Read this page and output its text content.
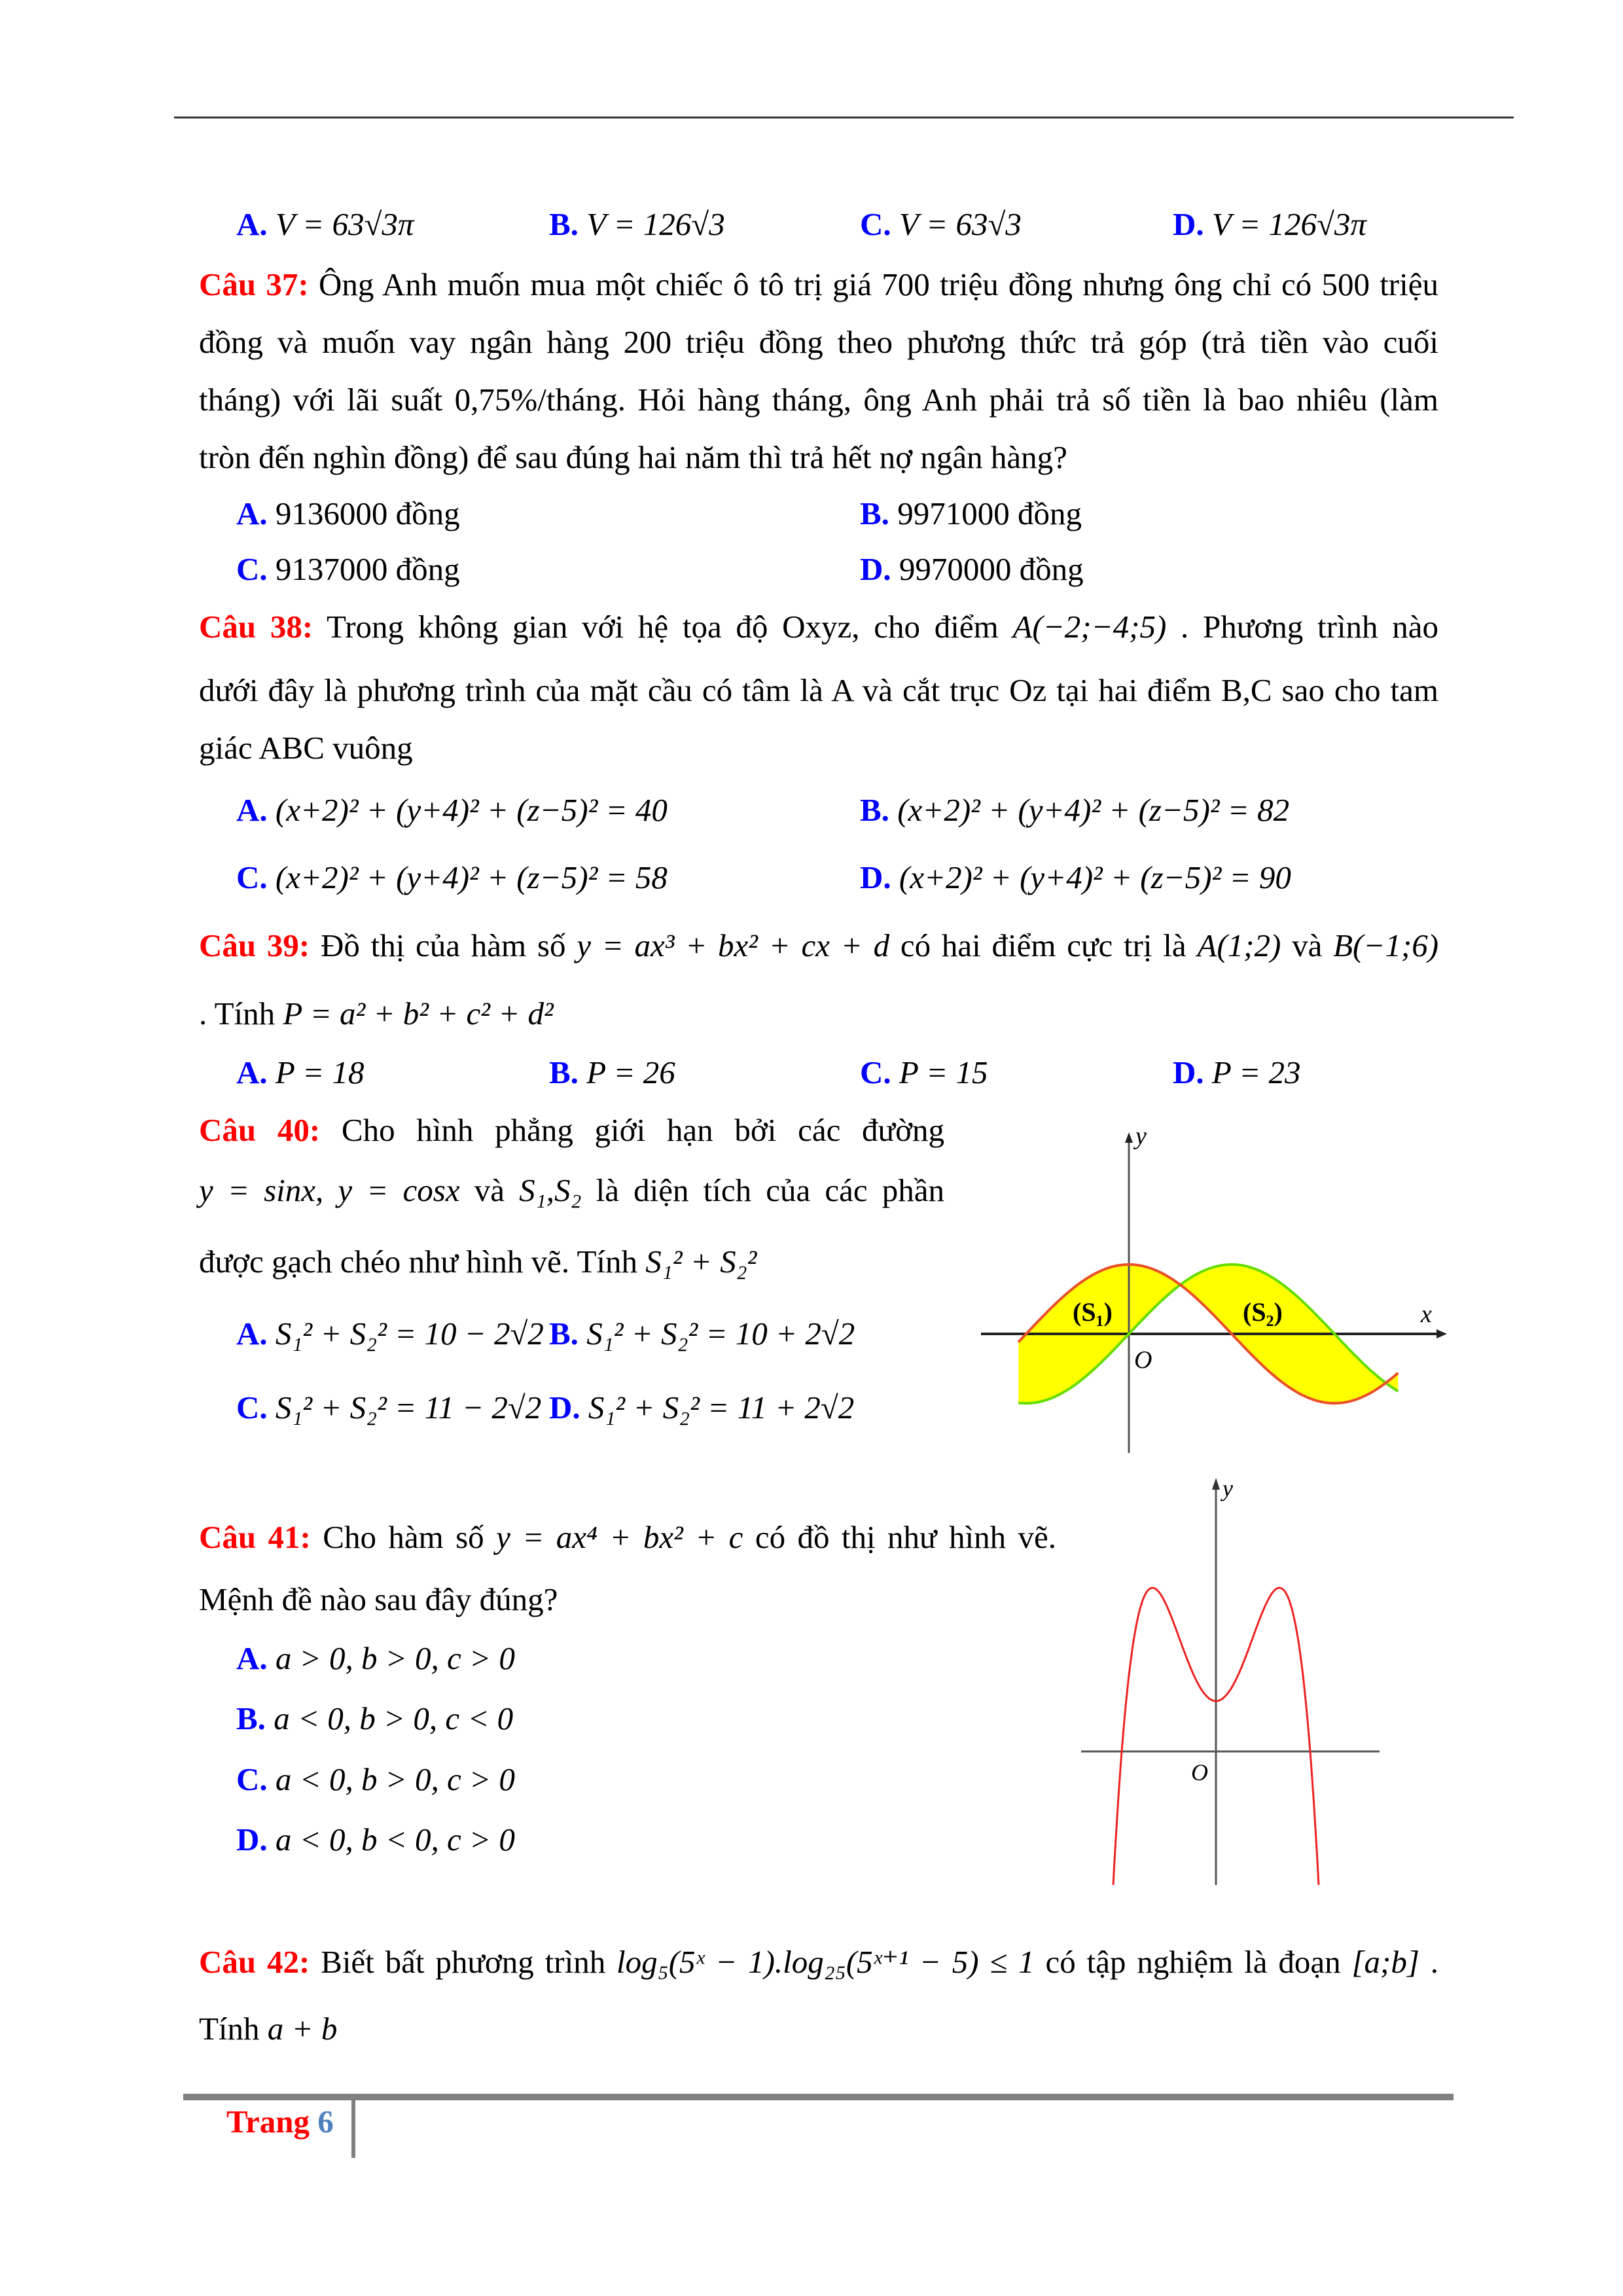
A. V = 63√3π	B. V = 126√3	C. V = 63√3	D. V = 126√3π
Câu 37: Ông Anh muốn mua một chiếc ô tô trị giá 700 triệu đồng nhưng ông chỉ có 500 triệu
đồng và muốn vay ngân hàng 200 triệu đồng theo phương thức trả góp (trả tiền vào cuối
tháng) với lãi suất 0,75%/tháng. Hỏi hàng tháng, ông Anh phải trả số tiền là bao nhiêu (làm
tròn đến nghìn đồng) để sau đúng hai năm thì trả hết nợ ngân hàng?
A. 9136000 đồng	B. 9971000 đồng
C. 9137000 đồng	D. 9970000 đồng
Câu 38: Trong không gian với hệ tọa độ Oxyz, cho điểm A(−2;−4;5) . Phương trình nào
dưới đây là phương trình của mặt cầu có tâm là A và cắt trục Oz tại hai điểm B,C sao cho tam
giác ABC vuông
A. (x+2)² + (y+4)² + (z−5)² = 40	B. (x+2)² + (y+4)² + (z−5)² = 82
C. (x+2)² + (y+4)² + (z−5)² = 58	D. (x+2)² + (y+4)² + (z−5)² = 90
Câu 39: Đồ thị của hàm số y = ax³ + bx² + cx + d có hai điểm cực trị là A(1;2) và B(−1;6)
. Tính P = a² + b² + c² + d²
A. P = 18	B. P = 26	C. P = 15	D. P = 23
Câu 40: Cho hình phẳng giới hạn bởi các đường
y = sinx, y = cosx và S₁,S₂ là diện tích của các phần
được gạch chéo như hình vẽ. Tính S₁² + S₂²
A. S₁² + S₂² = 10 − 2√2 B. S₁² + S₂² = 10 + 2√2
C. S₁² + S₂² = 11 − 2√2 D. S₁² + S₂² = 11 + 2√2
(S₁)	(S₂)	x
y
O
Câu 41: Cho hàm số y = ax⁴ + bx² + c có đồ thị như hình vẽ.
Mệnh đề nào sau đây đúng?
A. a > 0, b > 0, c > 0
B. a < 0, b > 0, c < 0
C. a < 0, b > 0, c > 0
D. a < 0, b < 0, c > 0
y
O
Câu 42: Biết bất phương trình log₅(5ˣ − 1).log₂₅(5ˣ⁺¹ − 5) ≤ 1 có tập nghiệm là đoạn [a;b] .
Tính a + b
Trang 6
